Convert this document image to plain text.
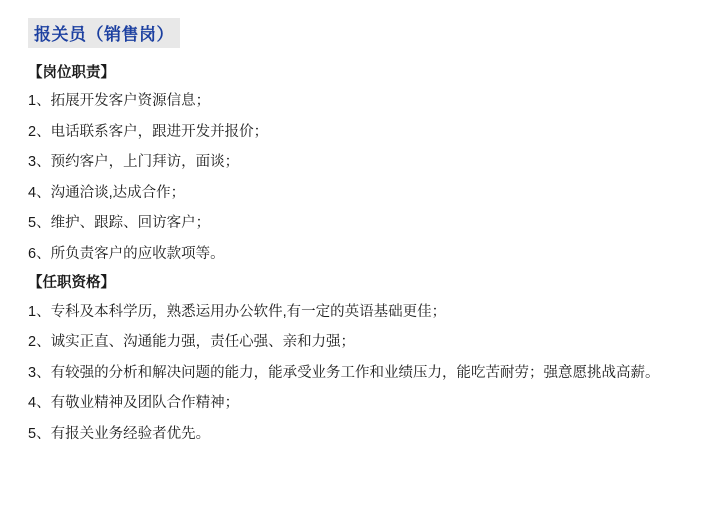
报关员（销售岗）
【岗位职责】
1、拓展开发客户资源信息；
2、电话联系客户，跟进开发并报价；
3、预约客户，上门拜访，面谈；
4、沟通洽谈,达成合作；
5、维护、跟踪、回访客户；
6、所负责客户的应收款项等。
【任职资格】
1、专科及本科学历，熟悉运用办公软件,有一定的英语基础更佳；
2、诚实正直、沟通能力强，责任心强、亲和力强；
3、有较强的分析和解决问题的能力，能承受业务工作和业绩压力，能吃苦耐劳；强意愿挑战高薪。
4、有敬业精神及团队合作精神；
5、有报关业务经验者优先。
